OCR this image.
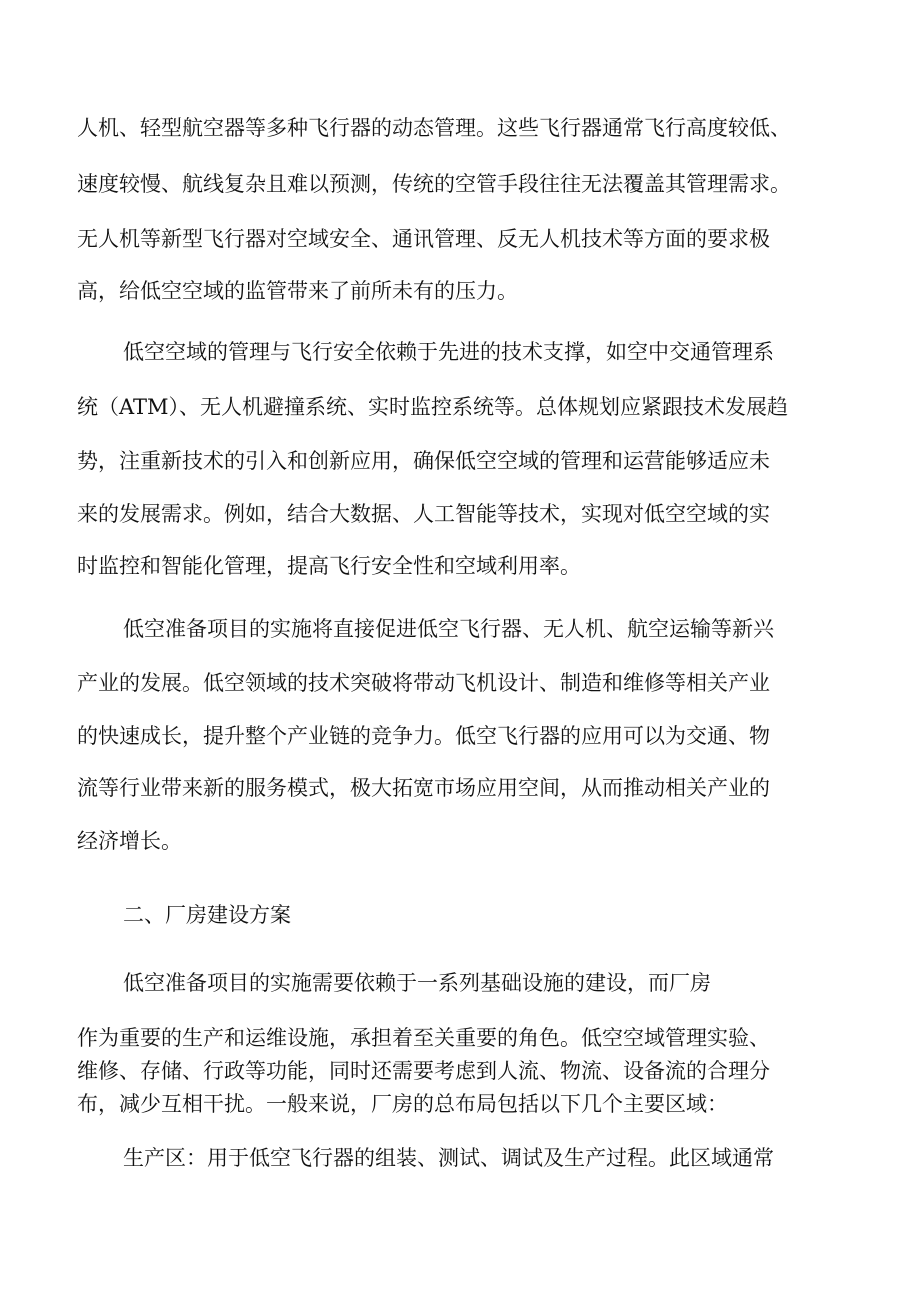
人机、轻型航空器等多种飞行器的动态管理。这些飞行器通常飞行高度较低、

速度较慢、航线复杂且难以预测，传统的空管手段往往无法覆盖其管理需求。

无人机等新型飞行器对空域安全、通讯管理、反无人机技术等方面的要求极

高，给低空空域的监管带来了前所未有的压力。

低空空域的管理与飞行安全依赖于先进的技术支撑，如空中交通管理系

统（ATM）、无人机避撞系统、实时监控系统等。总体规划应紧跟技术发展趋

势，注重新技术的引入和创新应用，确保低空空域的管理和运营能够适应未

来的发展需求。例如，结合大数据、人工智能等技术，实现对低空空域的实

时监控和智能化管理，提高飞行安全性和空域利用率。

低空准备项目的实施将直接促进低空飞行器、无人机、航空运输等新兴

产业的发展。低空领域的技术突破将带动飞机设计、制造和维修等相关产业

的快速成长，提升整个产业链的竞争力。低空飞行器的应用可以为交通、物

流等行业带来新的服务模式，极大拓宽市场应用空间，从而推动相关产业的

经济增长。

二、厂房建设方案

低空准备项目的实施需要依赖于一系列基础设施的建设，而厂房

作为重要的生产和运维设施，承担着至关重要的角色。低空空域管理实验、

维修、存储、行政等功能，同时还需要考虑到人流、物流、设备流的合理分

布，减少互相干扰。一般来说，厂房的总布局包括以下几个主要区域：

生产区：用于低空飞行器的组装、测试、调试及生产过程。此区域通常
